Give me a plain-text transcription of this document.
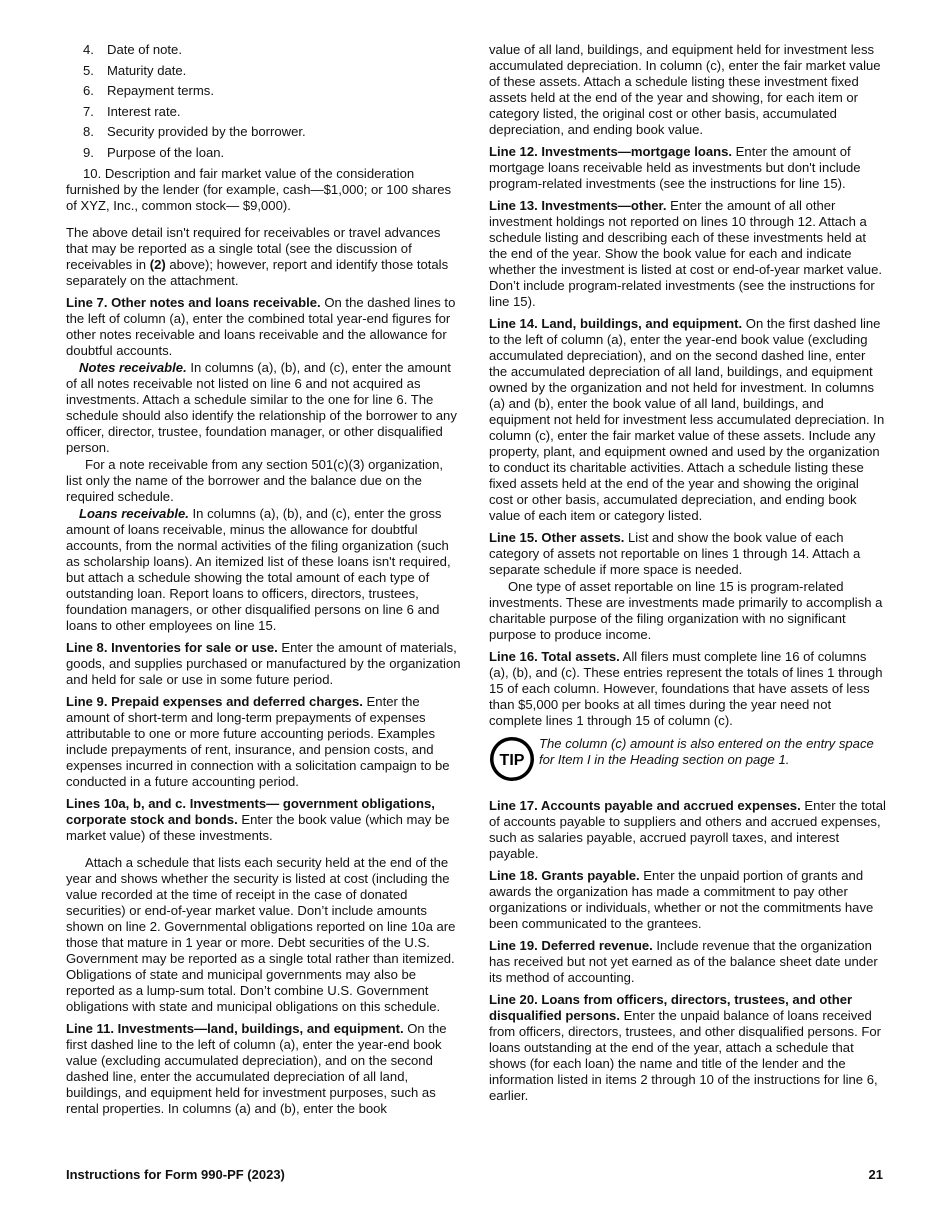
4. Date of note.
5. Maturity date.
6. Repayment terms.
7. Interest rate.
8. Security provided by the borrower.
9. Purpose of the loan.

10. Description and fair market value of the consideration furnished by the lender (for example, cash—$1,000; or 100 shares of XYZ, Inc., common stock— $9,000).

The above detail isn't required for receivables or travel advances that may be reported as a single total (see the discussion of receivables in (2) above); however, report and identify those totals separately on the attachment.

Line 7. Other notes and loans receivable. On the dashed lines to the left of column (a), enter the combined total year-end figures for other notes receivable and loans receivable and the allowance for doubtful accounts.

Notes receivable. In columns (a), (b), and (c), enter the amount of all notes receivable not listed on line 6 and not acquired as investments. Attach a schedule similar to the one for line 6. The schedule should also identify the relationship of the borrower to any officer, director, trustee, foundation manager, or other disqualified person.

For a note receivable from any section 501(c)(3) organization, list only the name of the borrower and the balance due on the required schedule.

Loans receivable. In columns (a), (b), and (c), enter the gross amount of loans receivable, minus the allowance for doubtful accounts, from the normal activities of the filing organization (such as scholarship loans). An itemized list of these loans isn't required, but attach a schedule showing the total amount of each type of outstanding loan. Report loans to officers, directors, trustees, foundation managers, or other disqualified persons on line 6 and loans to other employees on line 15.

Line 8. Inventories for sale or use. Enter the amount of materials, goods, and supplies purchased or manufactured by the organization and held for sale or use in some future period.

Line 9. Prepaid expenses and deferred charges. Enter the amount of short-term and long-term prepayments of expenses attributable to one or more future accounting periods. Examples include prepayments of rent, insurance, and pension costs, and expenses incurred in connection with a solicitation campaign to be conducted in a future accounting period.

Lines 10a, b, and c. Investments— government obligations, corporate stock and bonds. Enter the book value (which may be market value) of these investments.

Attach a schedule that lists each security held at the end of the year and shows whether the security is listed at cost (including the value recorded at the time of receipt in the case of donated securities) or end-of-year market value. Don’t include amounts shown on line 2. Governmental obligations reported on line 10a are those that mature in 1 year or more. Debt securities of the U.S. Government may be reported as a single total rather than itemized. Obligations of state and municipal governments may also be reported as a lump-sum total. Don’t combine U.S. Government obligations with state and municipal obligations on this schedule.

Line 11. Investments—land, buildings, and equipment. On the first dashed line to the left of column (a), enter the year-end book value (excluding accumulated depreciation), and on the second dashed line, enter the accumulated depreciation of all land, buildings, and equipment held for investment purposes, such as rental properties. In columns (a) and (b), enter the book

value of all land, buildings, and equipment held for investment less accumulated depreciation. In column (c), enter the fair market value of these assets. Attach a schedule listing these investment fixed assets held at the end of the year and showing, for each item or category listed, the original cost or other basis, accumulated depreciation, and ending book value.

Line 12. Investments—mortgage loans. Enter the amount of mortgage loans receivable held as investments but don't include program-related investments (see the instructions for line 15).

Line 13. Investments—other. Enter the amount of all other investment holdings not reported on lines 10 through 12. Attach a schedule listing and describing each of these investments held at the end of the year. Show the book value for each and indicate whether the investment is listed at cost or end-of-year market value. Don’t include program-related investments (see the instructions for line 15).

Line 14. Land, buildings, and equipment. On the first dashed line to the left of column (a), enter the year-end book value (excluding accumulated depreciation), and on the second dashed line, enter the accumulated depreciation of all land, buildings, and equipment owned by the organization and not held for investment. In columns (a) and (b), enter the book value of all land, buildings, and equipment not held for investment less accumulated depreciation. In column (c), enter the fair market value of these assets. Include any property, plant, and equipment owned and used by the organization to conduct its charitable activities. Attach a schedule listing these fixed assets held at the end of the year and showing the original cost or other basis, accumulated depreciation, and ending book value of each item or category listed.

Line 15. Other assets. List and show the book value of each category of assets not reportable on lines 1 through 14. Attach a separate schedule if more space is needed.

One type of asset reportable on line 15 is program-related investments. These are investments made primarily to accomplish a charitable purpose of the filing organization with no significant purpose to produce income.

Line 16. Total assets. All filers must complete line 16 of columns (a), (b), and (c). These entries represent the totals of lines 1 through 15 of each column. However, foundations that have assets of less than $5,000 per books at all times during the year need not complete lines 1 through 15 of column (c).

TIP
The column (c) amount is also entered on the entry space for Item I in the Heading section on page 1.

Line 17. Accounts payable and accrued expenses. Enter the total of accounts payable to suppliers and others and accrued expenses, such as salaries payable, accrued payroll taxes, and interest payable.

Line 18. Grants payable. Enter the unpaid portion of grants and awards the organization has made a commitment to pay other organizations or individuals, whether or not the commitments have been communicated to the grantees.

Line 19. Deferred revenue. Include revenue that the organization has received but not yet earned as of the balance sheet date under its method of accounting.

Line 20. Loans from officers, directors, trustees, and other disqualified persons. Enter the unpaid balance of loans received from officers, directors, trustees, and other disqualified persons. For loans outstanding at the end of the year, attach a schedule that shows (for each loan) the name and title of the lender and the information listed in items 2 through 10 of the instructions for line 6, earlier.

Instructions for Form 990-PF (2023)	21
